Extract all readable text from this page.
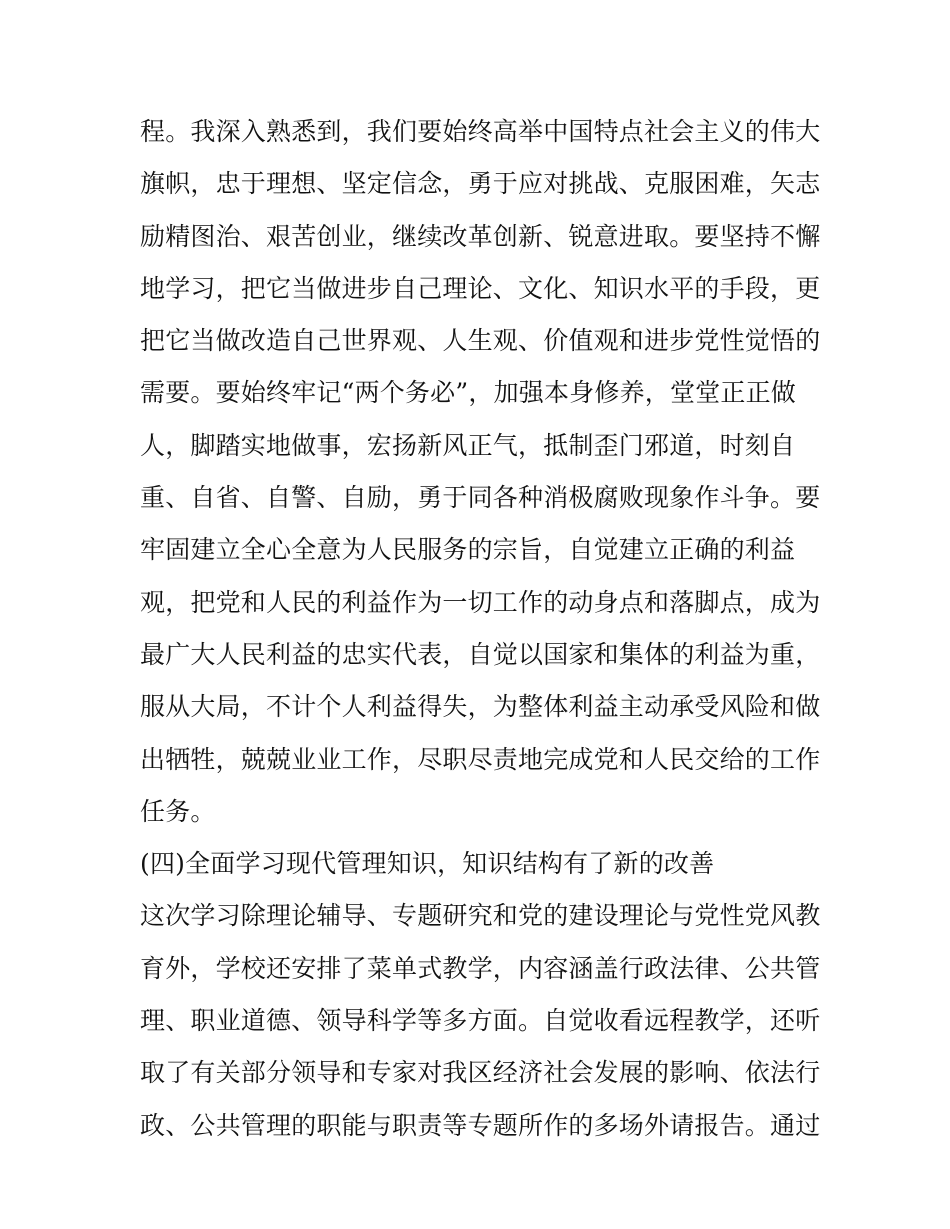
程。我深入熟悉到，我们要始终高举中国特点社会主义的伟大
旗帜，忠于理想、坚定信念，勇于应对挑战、克服困难，矢志
励精图治、艰苦创业，继续改革创新、锐意进取。要坚持不懈
地学习，把它当做进步自己理论、文化、知识水平的手段，更
把它当做改造自己世界观、人生观、价值观和进步党性觉悟的
需要。要始终牢记“两个务必”，加强本身修养，堂堂正正做
人，脚踏实地做事，宏扬新风正气，抵制歪门邪道，时刻自
重、自省、自警、自励，勇于同各种消极腐败现象作斗争。要
牢固建立全心全意为人民服务的宗旨，自觉建立正确的利益
观，把党和人民的利益作为一切工作的动身点和落脚点，成为
最广大人民利益的忠实代表，自觉以国家和集体的利益为重，
服从大局，不计个人利益得失，为整体利益主动承受风险和做
出牺牲，兢兢业业工作，尽职尽责地完成党和人民交给的工作
任务。
(四)全面学习现代管理知识，知识结构有了新的改善
这次学习除理论辅导、专题研究和党的建设理论与党性党风教
育外，学校还安排了菜单式教学，内容涵盖行政法律、公共管
理、职业道德、领导科学等多方面。自觉收看远程教学，还听
取了有关部分领导和专家对我区经济社会发展的影响、依法行
政、公共管理的职能与职责等专题所作的多场外请报告。通过
